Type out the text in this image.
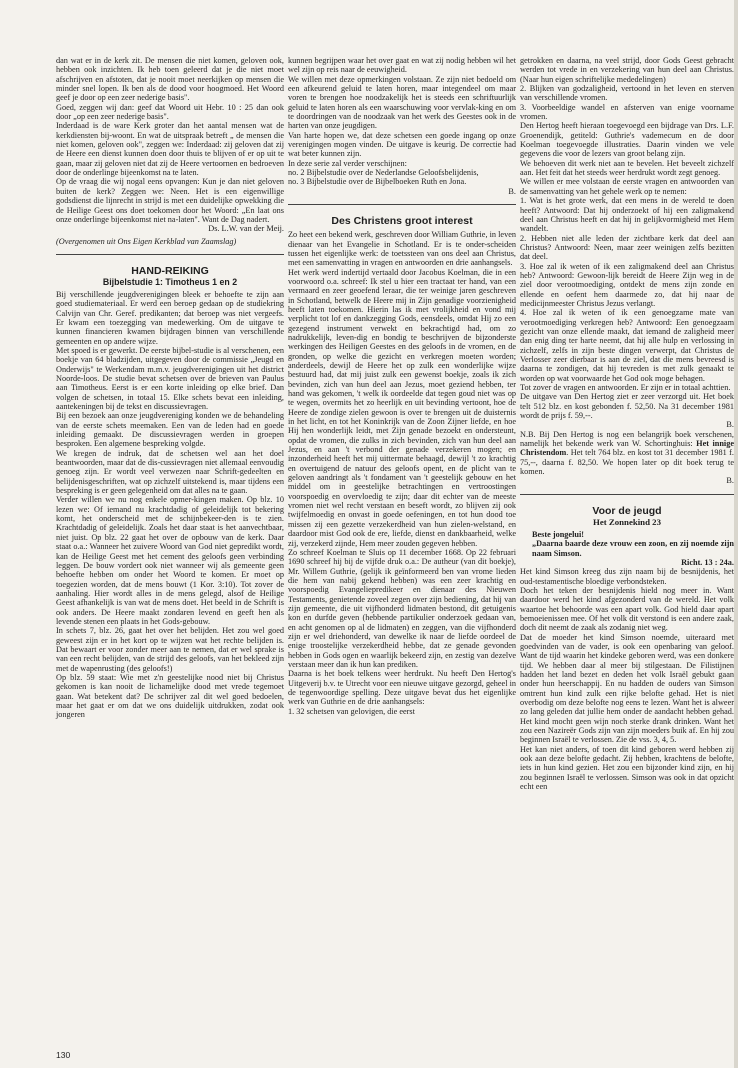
dan wat er in de kerk zit. De mensen die niet komen, geloven ook, hebben ook inzichten. Ik heb toen geleerd dat je die niet moet afschrijven en afstoten, dat je nooit moet neerkijken op mensen die minder snel lopen. Ik ben als de dood voor hoogmoed. Het Woord geef je door op een zeer nederige basis".

Goed, zeggen wij dan: geef dat Woord uit Hebr. 10 : 25 dan ook door „op een zeer nederige basis".

Inderdaad is de ware Kerk groter dan het aantal mensen wat de kerkdiensten bij-woont. En wat de uitspraak betreft „ de mensen die niet komen, geloven ook", zeggen we: Inderdaad: zij geloven dat zij de Heere een dienst kunnen doen door thuis te blijven of er op uit te gaan, maar zij geloven niet dat zij de Heere vertoornen en bedroeven door de onderlinge bijeenkomst na te laten.

Op de vraag die wij nogal eens opvangen: Kun je dan niet geloven buiten de kerk? Zeggen we: Neen. Het is een eigenwillige godsdienst die lijnrecht in strijd is met een duidelijke opwekking die de Heilige Geest ons doet toekomen door het Woord: „En laat ons onze onderlinge bijeenkomst niet na-laten". Want de Dag nadert.

Ds. L.W. van der Meij.

(Overgenomen uit Ons Eigen Kerkblad van Zaamslag)

HAND-REIKING
Bijbelstudie 1: Timotheus 1 en 2

Bij verschillende jeugdverenigingen bleek er behoefte te zijn aan goed studiemateriaal. Er werd een beroep gedaan op de studiekring Calvijn van Chr. Geref. predikanten; dat beroep was niet vergeefs. Er kwam een toezegging van medewerking. Om de uitgave te kunnen financieren kwamen bijdragen binnen van verschillende gemeenten en op andere wijze.

Met spoed is er gewerkt. De eerste bijbel-studie is al verschenen, een boekje van 64 bladzijden, uitgegeven door de commissie „Jeugd en Onderwijs" te Werkendam m.m.v. jeugdverenigingen uit het district Noorde-loos. De studie bevat schetsen over de brieven van Paulus aan Timotheus. Eerst is er een korte inleiding op elke brief. Dan volgen de schetsen, in totaal 15. Elke schets bevat een inleiding, aantekeningen bij de tekst en discussievragen.

Bij een bezoek aan onze jeugdvereniging konden we de behandeling van de eerste schets meemaken. Een van de leden had en goede inleiding gemaakt. De discussievragen werden in groepen besproken. Een algemene bespreking volgde.

We kregen de indruk, dat de schetsen wel aan het doel beantwoorden, maar dat de dis-cussievragen niet allemaal eenvoudig genoeg zijn. Er wordt veel verwezen naar Schrift-gedeelten en belijdenisgeschriften, wat op zichzelf uitstekend is, maar tijdens een bespreking is er geen gelegenheid om dat alles na te gaan.

Verder willen we nu nog enkele opmer-kingen maken. Op blz. 10 lezen we: Of iemand nu krachtdadig of geleidelijk tot bekering komt, het onderscheid met de schijnbekeer-den is te zien. Krachtdadig of geleidelijk. Zoals het daar staat is het aanvechtbaar, niet juist. Op blz. 22 gaat het over de opbouw van de kerk. Daar staat o.a.: Wanneer het zuivere Woord van God niet gepredikt wordt, kan de Heilige Geest met het cement des geloofs geen verbinding leggen. De bouw vordert ook niet wanneer wij als gemeente geen behoefte hebben om onder het Woord te komen. Er moet op toegezien worden, dat de mens bouwt (1 Kor. 3:10). Tot zover de aanhaling. Hier wordt alles in de mens gelegd, alsof de Heilige Geest afhankelijk is van wat de mens doet. Het beeld in de Schrift is ook anders. De Heere maakt zondaren levend en geeft hen als levende stenen een plaats in het Gods-gebouw.

In schets 7, blz. 26, gaat het over het belijden. Het zou wel goed geweest zijn er in het kort op te wijzen wat het rechte belijden is. Dat bewaart er voor zonder meer aan te nemen, dat er wel sprake is van een recht belijden, van de strijd des geloofs, van het bekleed zijn met de wapenrusting (des geloofs!)

Op blz. 59 staat: Wie met z'n geestelijke nood niet bij Christus gekomen is kan nooit de lichamelijke dood met vrede tegemoet gaan. Wat betekent dat? De schrijver zal dit wel goed bedoelen, maar het gaat er om dat we ons duidelijk uitdrukken, zodat ook jongeren

kunnen begrijpen waar het over gaat en wat zij nodig hebben wil het wel zijn op reis naar de eeuwigheid.

We willen met deze opmerkingen volstaan. Ze zijn niet bedoeld om een afkeurend geluid te laten horen, maar integendeel om maar voren te brengen hoe noodzakelijk het is steeds een schriftuurlijk geluid te laten horen als een waarschuwing voor vervlak-king en om te doordringen van de noodzaak van het werk des Geestes ook in de harten van onze jeugdigen.

Van harte hopen we, dat deze schetsen een goede ingang op onze verenigingen mogen vinden. De uitgave is keurig. De correctie had wat beter kunnen zijn.

In deze serie zal verder verschijnen:

no. 2 Bijbelstudie over de Nederlandse Geloofsbelijdenis,

no. 3 Bijbelstudie over de Bijbelboeken Ruth en Jona.

B.

Des Christens groot interest

Zo heet een bekend werk, geschreven door William Guthrie, in leven dienaar van het Evangelie in Schotland. Er is te onder-scheiden tussen het eigenlijke werk: de toetssteen van ons deel aan Christus, met een samenvatting in vragen en antwoorden en drie aanhangsels.

Het werk werd indertijd vertaald door Jacobus Koelman, die in een voorwoord o.a. schreef: Ik stel u hier een tractaat ter hand, van een vermaard en zeer geoefend leraar, die ter weinige jaren geschreven in Schotland, betwelk de Heere mij in Zijn genadige voorzienigheid heeft laten toekomen. Hierin las ik met vrolijkheid en vond mij verplicht tot lof en dankzegging Gods, eensdeels, omdat Hij zo een gezegend instrument verwekt en bekrachtigd had, om zo nadrukkelijk, leven-dig en bondig te beschrijven de bijzonderste werkingen des Heiligen Geestes en des geloofs in de vromen, en de gronden, op welke die gezicht en verkregen moeten worden; anderdeels, dewijl de Heere het op zulk een wonderlijke wijze bestuurd had, dat mij juist zulk een gewenst boekje, zoals ik zich bevinden, zich van hun deel aan Jezus, moet geziend hebben, ter hand was gekomen, 't welk ik oordeelde dat tegen goud niet was op te wegen, overmits het zo heerlijk en uit bevinding vertoont, hoe de Heere de zondige zielen gewoon is over te brengen uit de duisternis in het licht, en tot het Koninkrijk van de Zoon Zijner liefde, en hoe Hij hen wonderlijk leidt, met Zijn genade bezoekt en ondersteunt, opdat de vromen, die zulks in zich bevinden, zich van hun deel aan Jezus, en aan 't verbond der genade verzekeren mogen; en inzonderheid heeft het mij uittermate behaagd, dewijl 't zo krachtig en overtuigend de natuur des geloofs opent, en de plicht van te geloven aandringt als 't fondament van 't geestelijk gebouw en het middel om in geestelijke betrachtingen en vertroostingen voorspoedig en overvloedig te zijn; daar dit echter van de meeste vromen niet wel recht verstaan en beseft wordt, zo blijven zij ook twijfelmoedig en onvast in goede oefeningen, en tot hun dood toe missen zij een gezette verzekerdheid van hun zielen-welstand, en daardoor mist God ook de ere, liefde, dienst en dankbaarheid, welke zij, verzekerd zijnde, Hem meer zouden gegeven hebben.

Zo schreef Koelman te Sluis op 11 december 1668. Op 22 februari 1690 schreef hij bij de vijfde druk o.a.: De autheur (van dit boekje), Mr. Willem Guthrie, (gelijk ik geïnformeerd ben van vrome lieden die hem van nabij gekend hebben) was een zeer krachtig en voorspoedig Evangeliepredikeer en dienaar des Nieuwen Testaments, genietende zoveel zegen over zijn bediening, dat hij van zijn gemeente, die uit vijfhonderd lidmaten bestond, dit getuigenis kon en durfde geven (hebbende partikulier onderzoek gedaan van, en acht genomen op al de lidmaten) en zeggen, van die vijfhonderd zijn er wel driehonderd, van dewelke ik naar de liefde oordeel de enige troostelijke verzekerdheid hebbe, dat ze genade gevonden hebben in Gods ogen en waarlijk bekeerd zijn, en zestig van dezelve verstaan meer dan ik hun kan prediken.

Daarna is het boek telkens weer herdrukt. Nu heeft Den Hertog's Uitgeverij b.v. te Utrecht voor een nieuwe uitgave gezorgd, geheel in de tegenwoordige spelling. Deze uitgave bevat dus het eigenlijke werk van Guthrie en de drie aanhangsels:

1. 32 schetsen van gelovigen, die eerst

getrokken en daarna, na veel strijd, door Gods Geest gebracht werden tot vrede in en verzekering van hun deel aan Christus. (Naar hun eigen schriftelijke mededelingen)

2. Blijken van godzaligheid, vertoond in het leven en sterven van verschillende vromen.

3. Voorbeeldige wandel en afsterven van enige voorname vromen.

Den Hertog heeft hieraan toegevoegd een bijdrage van Drs. L.F. Groenendijk, getiteld: Guthrie's vademecum en de door Koelman toegevoegde illustraties. Daarin vinden we vele gegevens die voor de lezers van groot belang zijn.

We behoeven dit werk niet aan te bevelen. Het beveelt zichzelf aan. Het feit dat het steeds weer herdrukt wordt zegt genoeg.

We willen er mee volstaan de eerste vragen en antwoorden van de samenvatting van het gehele werk op te nemen:

1. Wat is het grote werk, dat een mens in de wereld te doen heeft? Antwoord: Dat hij onderzoekt of hij een zaligmakend deel aan Christus heeft en dat hij in gelijkvormigheid met Hem wandelt.

2. Hebben niet alle leden der zichtbare kerk dat deel aan Christus? Antwoord: Neen, maar zeer weinigen zelfs bezitten dat deel.

3. Hoe zal ik weten of ik een zaligmakend deel aan Christus heb? Antwoord: Gewoon-lijk bereidt de Heere Zijn weg in de ziel door verootmoediging, ontdekt de mens zijn zonde en ellende en oefent hem daarmede zo, dat hij naar de medicijnmeester Christus Jezus verlangt.

4. Hoe zal ik weten of ik een genoegzame mate van verootmoediging verkregen heb? Antwoord: Een genoegzaam gezicht van onze ellende maakt, dat iemand de zaligheid meer dan enig ding ter harte neemt, dat hij alle hulp en verlossing in zichzelf, zelfs in zijn beste dingen verwerpt, dat Christus de Verlosser zeer dierbaar is aan de ziel, dat die mens bevreesd is daarna te zondigen, dat hij tevreden is met zulk genaakt te worden op wat voorwaarde het God ook moge behagen.

Tot zover de vragen en antwoorden. Er zijn er in totaal achttien.

De uitgave van Den Hertog ziet er zeer verzorgd uit. Het boek telt 512 blz. en kost gebonden f. 52,50. Na 31 december 1981 wordt de prijs f. 59,--.

B.

N.B. Bij Den Hertog is nog een belangrijk boek verschenen, namelijk het bekende werk van W. Schortinghuis: Het innige Christendom. Het telt 764 blz. en kost tot 31 december 1981 f. 75,--, daarna f. 82,50. We hopen later op dit boek terug te komen.

B.

Voor de jeugd
Het Zonnekind 23

Beste jongelui!

„Daarna baarde deze vrouw een zoon, en zij noemde zijn naam Simson.

Richt. 13 : 24a.

Het kind Simson kreeg dus zijn naam bij de besnijdenis, het oud-testamentische bloedige verbondsteken.

Doch het teken der besnijdenis hield nog meer in. Want daardoor werd het kind afgezonderd van de wereld. Het volk waartoe het behoorde was een apart volk. God hield daar apart bemoeienissen mee. Of het volk dit verstond is een andere zaak, doch dit neemt de zaak als zodanig niet weg.

Dat de moeder het kind Simson noemde, uiteraard met goedvinden van de vader, is ook een openbaring van geloof. Want de tijd waarin het kindeke geboren werd, was een donkere tijd. We hebben daar al meer bij stilgestaan. De Filistijnen hadden het land bezet en deden het volk Israël gebukt gaan onder hun heerschappij. En nu hadden de ouders van Simson omtrent hun kind zulk een rijke belofte gehad. Het is niet overbodig om deze belofte nog eens te lezen. Want het is alweer zo lang geleden dat jullie hem onder de aandacht hebben gehad. Het kind mocht geen wijn noch sterke drank drinken. Want het zou een Nazireër Gods zijn van zijn moeders buik af. En hij zou beginnen Israël te verlossen. Zie de vss. 3, 4, 5.

Het kan niet anders, of toen dit kind geboren werd hebben zij ook aan deze belofte gedacht. Zij hebben, krachtens de belofte, iets in hun kind gezien. Het zou een bijzonder kind zijn, en hij zou beginnen Israël te verlossen. Simson was ook in dat opzicht echt een

130
